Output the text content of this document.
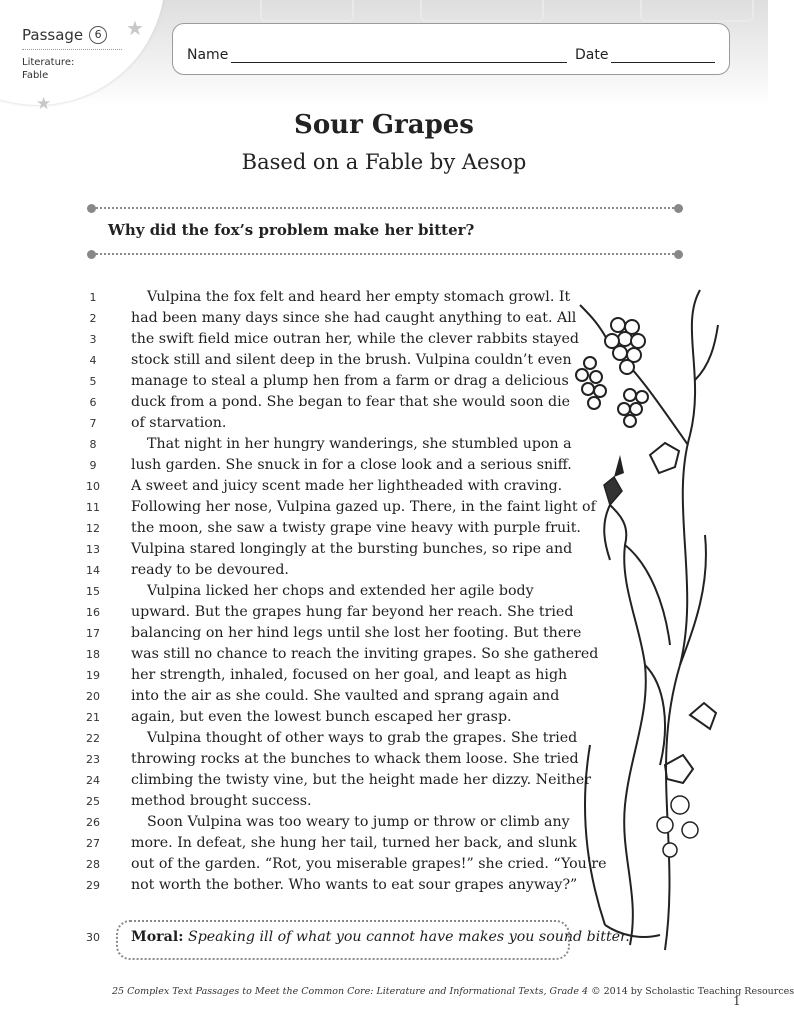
Passage	6
Literature:
Fable
★
★
Name	Date
Sour Grapes
Based on a Fable by Aesop
Why did the fox’s problem make her bitter?
1	Vulpina the fox felt and heard her empty stomach growl. It
2	had been many days since she had caught anything to eat. All
3	the swift field mice outran her, while the clever rabbits stayed
4	stock still and silent deep in the brush. Vulpina couldn’t even
5	manage to steal a plump hen from a farm or drag a delicious
6	duck from a pond. She began to fear that she would soon die
7	of starvation.
8	That night in her hungry wanderings, she stumbled upon a
9	lush garden. She snuck in for a close look and a serious sniff.
10	A sweet and juicy scent made her lightheaded with craving.
11	Following her nose, Vulpina gazed up. There, in the faint light of
12	the moon, she saw a twisty grape vine heavy with purple fruit.
13	Vulpina stared longingly at the bursting bunches, so ripe and
14	ready to be devoured.
15	Vulpina licked her chops and extended her agile body
16	upward. But the grapes hung far beyond her reach. She tried
17	balancing on her hind legs until she lost her footing. But there
18	was still no chance to reach the inviting grapes. So she gathered
19	her strength, inhaled, focused on her goal, and leapt as high
20	into the air as she could. She vaulted and sprang again and
21	again, but even the lowest bunch escaped her grasp.
22	Vulpina thought of other ways to grab the grapes. She tried
23	throwing rocks at the bunches to whack them loose. She tried
24	climbing the twisty vine, but the height made her dizzy. Neither
25	method brought success.
26	Soon Vulpina was too weary to jump or throw or climb any
27	more. In defeat, she hung her tail, turned her back, and slunk
28	out of the garden. “Rot, you miserable grapes!” she cried. “You’re
29	not worth the bother. Who wants to eat sour grapes anyway?”
30	Moral: Speaking ill of what you cannot have makes you sound bitter.
25 Complex Text Passages to Meet the Common Core: Literature and Informational Texts, Grade 4 © 2014 by Scholastic Teaching Resources
1
